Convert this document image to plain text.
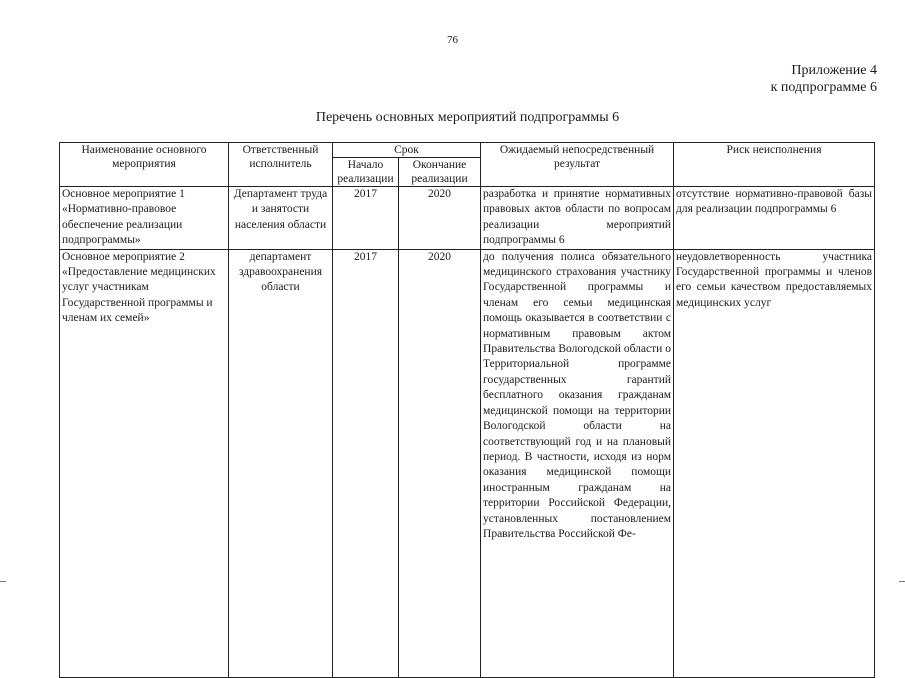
76
Приложение 4
к подпрограмме 6
Перечень основных мероприятий подпрограммы 6
Наименование основного мероприятия	Ответственный исполнитель	Срок		Ожидаемый непосредственный результат	Риск неисполнения
		Начало реализации	Окончание реализации		
Основное мероприятие 1 «Нормативно-правовое обеспечение реализации подпрограммы»	Департамент труда и занятости населения области	2017	2020	разработка и принятие нормативных правовых актов области по вопросам реализации мероприятий подпрограммы 6	отсутствие нормативно-правовой базы для реализации подпрограммы 6

Основное мероприятие 2 «Предоставление медицинских услуг участникам Государственной программы и членам их семей»	департамент здравоохранения области	2017	2020	до получения полиса обязательного медицинского страхования участнику Государственной программы и членам его семьи медицинская помощь оказывается в соответствии с нормативным правовым актом Правительства Вологодской области о Территориальной программе государственных гарантий бесплатного оказания гражданам медицинской помощи на территории Вологодской области на соответствующий год и на плановый период. В частности, исходя из норм оказания медицинской помощи иностранным гражданам на территории Российской Федерации, установленных постановлением Правительства Российской Фе-	неудовлетворенность участника Государственной программы и членов его семьи качеством предоставляемых медицинских услуг
